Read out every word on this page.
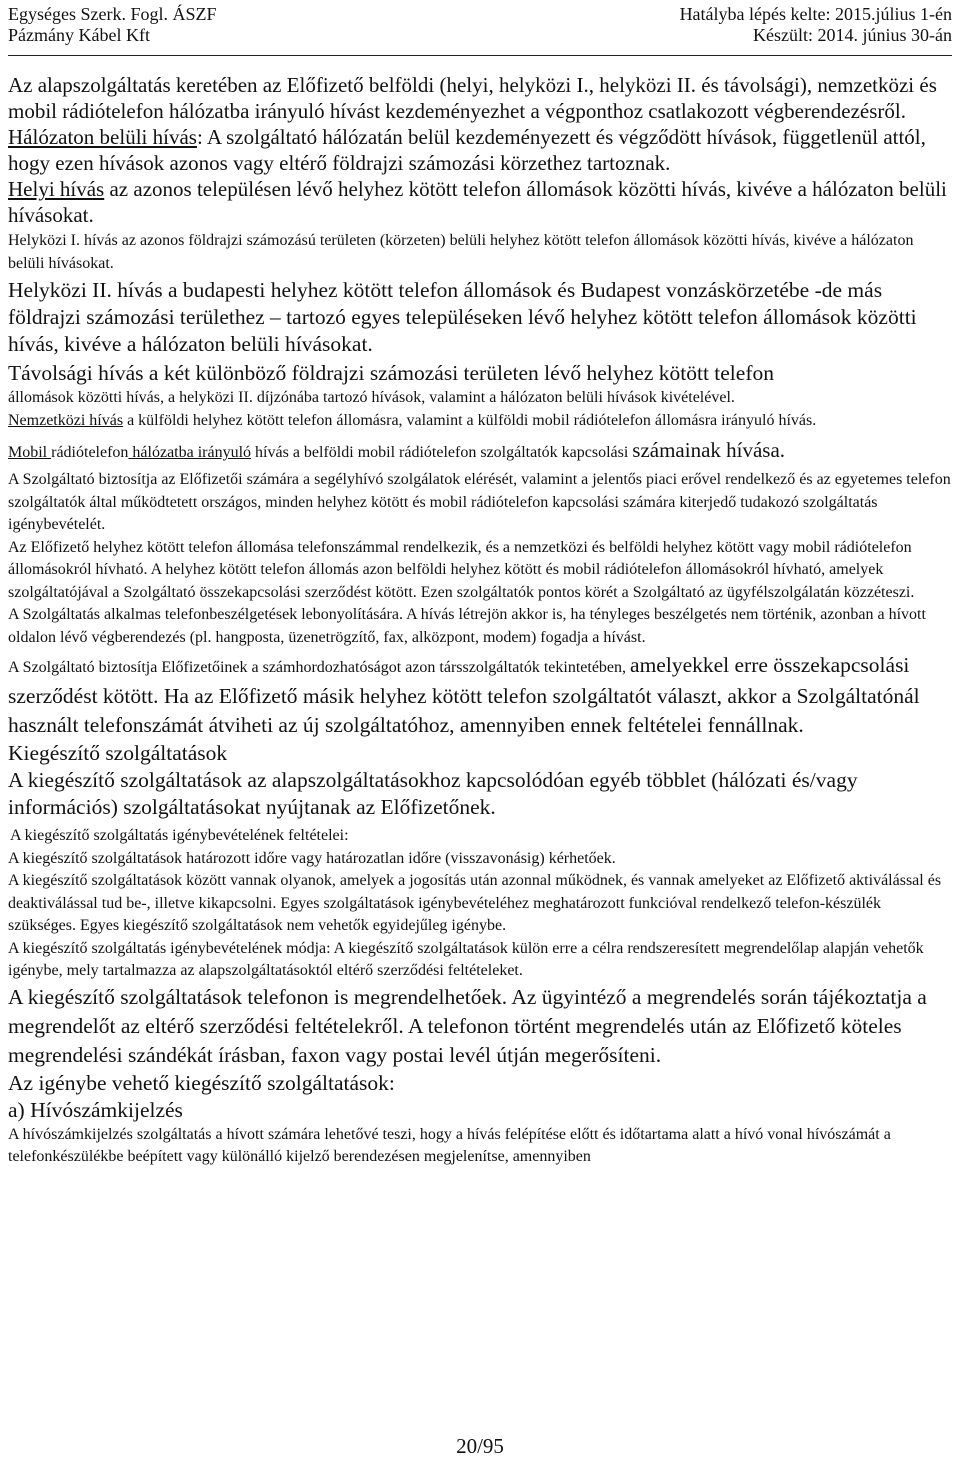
Egységes Szerk. Fogl. ÁSZF
Pázmány Kábel Kft
Hatályba lépés kelte: 2015.július 1-én
Készült: 2014. június 30-án

Az alapszolgáltatás keretében az Előfizető belföldi (helyi, helyközi I., helyközi II. és távolsági), nemzetközi és mobil rádiótelefon hálózatba irányuló hívást kezdeményezhet a végponthoz csatlakozott végberendezésről.

Hálózaton belüli hívás: A szolgáltató hálózatán belül kezdeményezett és végződött hívások, függetlenül attól, hogy ezen hívások azonos vagy eltérő földrajzi számozási körzethez tartoznak.

Helyi hívás az azonos településen lévő helyhez kötött telefon állomások közötti hívás, kivéve a hálózaton belüli hívásokat.

Helyközi I. hívás az azonos földrajzi számozású területen (körzeten) belüli helyhez kötött telefon állomások közötti hívás, kivéve a hálózaton belüli hívásokat.

Helyközi II. hívás a budapesti helyhez kötött telefon állomások és Budapest vonzáskörzetébe -de más földrajzi számozási területhez – tartozó egyes településeken lévő helyhez kötött telefon állomások közötti hívás, kivéve a hálózaton belüli hívásokat.

Távolsági hívás a két különböző földrajzi számozási területen lévő helyhez kötött telefon

állomások közötti hívás, a helyközi II. díjzónába tartozó hívások, valamint a hálózaton belüli hívások kivételével.

Nemzetközi hívás a külföldi helyhez kötött telefon állomásra, valamint a külföldi mobil rádiótelefon állomásra irányuló hívás.

Mobil rádiótelefon hálózatba irányuló hívás a belföldi mobil rádiótelefon szolgáltatók kapcsolási számainak hívása.

A Szolgáltató biztosítja az Előfizetői számára a segélyhívó szolgálatok elérését, valamint a jelentős piaci erővel rendelkező és az egyetemes telefon szolgáltatók által működtetett országos, minden helyhez kötött és mobil rádiótelefon kapcsolási számára kiterjedő tudakozó szolgáltatás igénybevételét.

Az Előfizető helyhez kötött telefon állomása telefonszámmal rendelkezik, és a nemzetközi és belföldi helyhez kötött vagy mobil rádiótelefon állomásokról hívható. A helyhez kötött telefon állomás azon belföldi helyhez kötött és mobil rádiótelefon állomásokról hívható, amelyek szolgáltatójával a Szolgáltató összekapcsolási szerződést kötött. Ezen szolgáltatók pontos körét a Szolgáltató az ügyfélszolgálatán közzéteszi.

A Szolgáltatás alkalmas telefonbeszélgetések lebonyolítására. A hívás létrejön akkor is, ha tényleges beszélgetés nem történik, azonban a hívott oldalon lévő végberendezés (pl. hangposta, üzenetrögzítő, fax, alközpont, modem) fogadja a hívást.

A Szolgáltató biztosítja Előfizetőinek a számhordozhatóságot azon társszolgáltatók tekintetében, amelyekkel erre összekapcsolási szerződést kötött. Ha az Előfizető másik helyhez kötött telefon szolgáltatót választ, akkor a Szolgáltatónál használt telefonszámát átviheti az új szolgáltatóhoz, amennyiben ennek feltételei fennállnak.

Kiegészítő szolgáltatások

A kiegészítő szolgáltatások az alapszolgáltatásokhoz kapcsolódóan egyéb többlet (hálózati és/vagy információs) szolgáltatásokat nyújtanak az Előfizetőnek.

A kiegészítő szolgáltatás igénybevételének feltételei:

A kiegészítő szolgáltatások határozott időre vagy határozatlan időre (visszavonásig) kérhetőek.

A kiegészítő szolgáltatások között vannak olyanok, amelyek a jogosítás után azonnal működnek, és vannak amelyeket az Előfizető aktiválással és deaktiválással tud be-, illetve kikapcsolni. Egyes szolgáltatások igénybevételéhez meghatározott funkcióval rendelkező telefon-készülék szükséges. Egyes kiegészítő szolgáltatások nem vehetők egyidejűleg igénybe.

A kiegészítő szolgáltatás igénybevételének módja: A kiegészítő szolgáltatások külön erre a célra rendszeresített megrendelőlap alapján vehetők igénybe, mely tartalmazza az alapszolgáltatásoktól eltérő szerződési feltételeket.

A kiegészítő szolgáltatások telefonon is megrendelhetőek. Az ügyintéző a megrendelés során tájékoztatja a megrendelőt az eltérő szerződési feltételekről. A telefonon történt megrendelés után az Előfizető köteles megrendelési szándékát írásban, faxon vagy postai levél útján megerősíteni.

Az igénybe vehető kiegészítő szolgáltatások:

a) Hívószámkijelzés

A hívószámkijelzés szolgáltatás a hívott számára lehetővé teszi, hogy a hívás felépítése előtt és időtartama alatt a hívó vonal hívószámát a telefonkészülékbe beépített vagy különálló kijelző berendezésen megjelenítse, amennyiben

20/95
